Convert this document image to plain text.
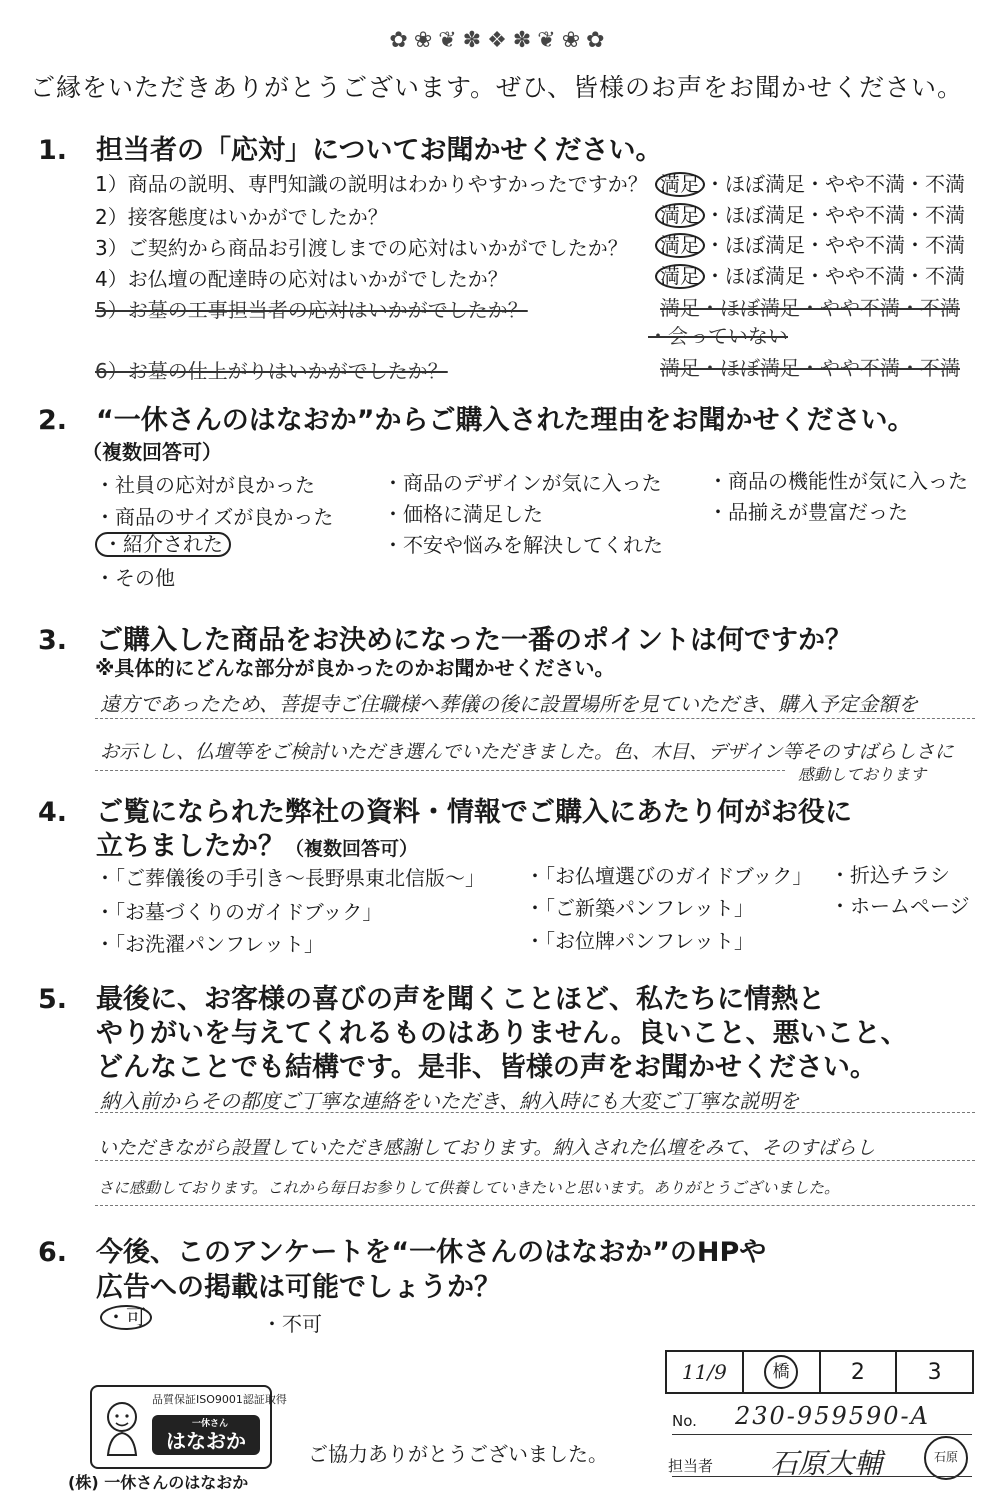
✿❀❦✽❖✽❦❀✿
ご縁をいただきありがとうございます。ぜひ、皆様のお声をお聞かせください。
1. 担当者の「応対」についてお聞かせください。
1）商品の説明、専門知識の説明はわかりやすかったですか？ 満足 ・ほぼ満足・やや不満・不満
2）接客態度はいかがでしたか？	満足 ・ほぼ満足・やや不満・不満
3）ご契約から商品お引渡しまでの応対はいかがでしたか？ 満足 ・ほぼ満足・やや不満・不満
4）お仏壇の配達時の応対はいかがでしたか？	満足 ・ほぼ満足・やや不満・不満
5）お墓の工事担当者の応対はいかがでしたか？	満足・ほぼ満足・やや不満・不満
・会っていない
6）お墓の仕上がりはいかがでしたか？	満足・ほぼ満足・やや不満・不満
2. “一休さんのはなおか”からご購入された理由をお聞かせください。
（複数回答可）
・社員の応対が良かった
・商品のサイズが良かった
・紹介された
・その他
・商品のデザインが気に入った
・価格に満足した
・不安や悩みを解決してくれた
・商品の機能性が気に入った
・品揃えが豊富だった
3. ご購入した商品をお決めになった一番のポイントは何ですか？
※具体的にどんな部分が良かったのかお聞かせください。
遠方であったため、菩提寺ご住職様へ葬儀の後に設置場所を見ていただき、購入予定金額を
お示しし、仏壇等をご検討いただき選んでいただきました。色、木目、デザイン等そのすばらしさに
感動しております
4. ご覧になられた弊社の資料・情報でご購入にあたり何がお役に
立ちましたか？（複数回答可）
・「ご葬儀後の手引き〜長野県東北信版〜」
・「お墓づくりのガイドブック」
・「お洗濯パンフレット」
・「お仏壇選びのガイドブック」
・「ご新築パンフレット」
・「お位牌パンフレット」
・折込チラシ
・ホームページ
5. 最後に、お客様の喜びの声を聞くことほど、私たちに情熱と
やりがいを与えてくれるものはありません。良いこと、悪いこと、
どんなことでも結構です。是非、皆様の声をお聞かせください。
納入前からその都度ご丁寧な連絡をいただき、納入時にも大変ご丁寧な説明を
いただきながら設置していただき感謝しております。納入された仏壇をみて、そのすばらし
さに感動しております。これから毎日お参りして供養していきたいと思います。ありがとうございました。
6. 今後、このアンケートを“一休さんのはなおか”のHPや
広告への掲載は可能でしょうか？
・可	・不可
11/9	橋	2	3
No. 230-959590-A
担当者 石原大輔	石原
品質保証ISO9001認証取得
一休さん
はなおか
(株) 一休さんのはなおか
ご協力ありがとうございました。
